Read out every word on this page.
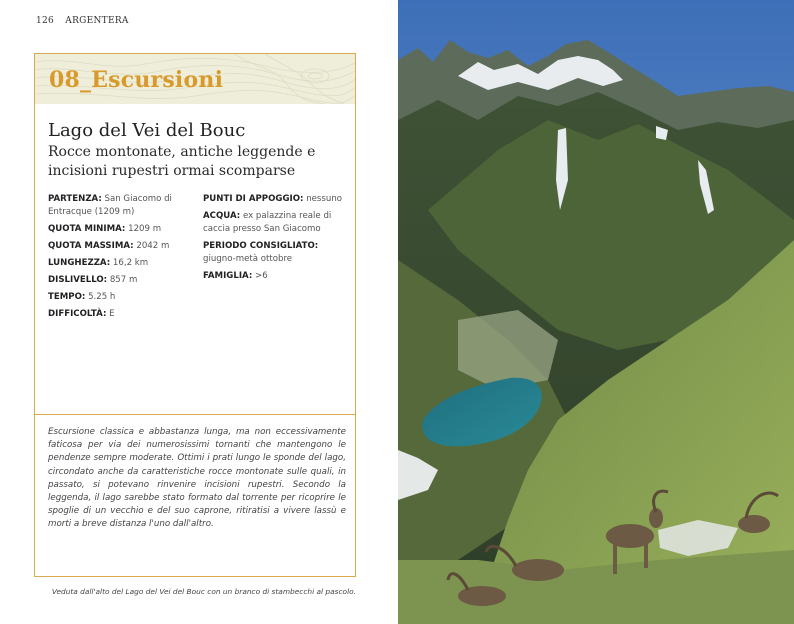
126 ARGENTERA
08_Escursioni
Lago del Vei del Bouc
Rocce montonate, antiche leggende e incisioni rupestri ormai scomparse
PARTENZA: San Giacomo di Entracque (1209 m)
QUOTA MINIMA: 1209 m
QUOTA MASSIMA: 2042 m
LUNGHEZZA: 16,2 km
DISLIVELLO: 857 m
TEMPO: 5.25 h
DIFFICOLTÀ: E
PUNTI DI APPOGGIO: nessuno
ACQUA: ex palazzina reale di caccia presso San Giacomo
PERIODO CONSIGLIATO: giugno-metà ottobre
FAMIGLIA: >6
Escursione classica e abbastanza lunga, ma non eccessivamente faticosa per via dei numerosissimi tornanti che mantengono le pendenze sempre moderate. Ottimi i prati lungo le sponde del lago, circondato anche da caratteristiche rocce montonate sulle quali, in passato, si potevano rinvenire incisioni rupestri. Secondo la leggenda, il lago sarebbe stato formato dal torrente per ricoprire le spoglie di un vecchio e del suo caprone, ritiratisi a vivere lassù e morti a breve distanza l'uno dall'altro.
Veduta dall'alto del Lago del Vei del Bouc con un branco di stambecchi al pascolo.
